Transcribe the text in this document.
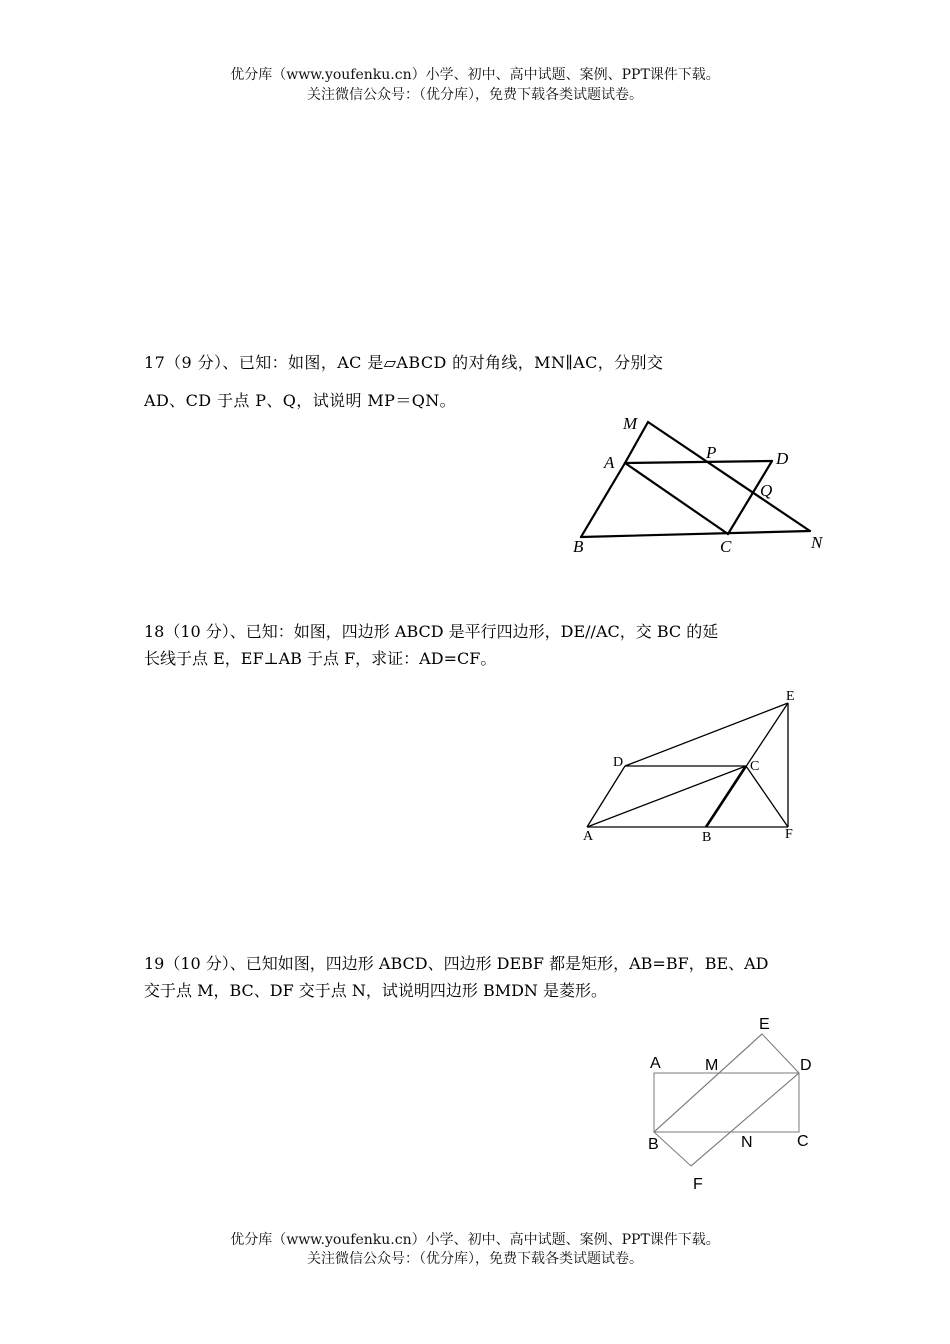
优分库（www.youfenku.cn）小学、初中、高中试题、案例、PPT课件下载。
关注微信公众号：（优分库），免费下载各类试题试卷。
17（9 分）、已知：如图，AC 是▱ABCD 的对角线，MN∥AC，分别交
AD、CD 于点 P、Q，试说明 MP＝QN。
M
P	D
A
Q
B	C	N
18（10 分）、已知：如图，四边形 ABCD 是平行四边形，DE//AC，交 BC 的延
长线于点 E，EF⊥AB 于点 F，求证：AD=CF。
E
D	C
A	B	F
19（10 分）、已知如图，四边形 ABCD、四边形 DEBF 都是矩形，AB=BF，BE、AD
交于点 M，BC、DF 交于点 N，试说明四边形 BMDN 是菱形。
E
A	M	D
B	N	C
F
优分库（www.youfenku.cn）小学、初中、高中试题、案例、PPT课件下载。
关注微信公众号：（优分库），免费下载各类试题试卷。
